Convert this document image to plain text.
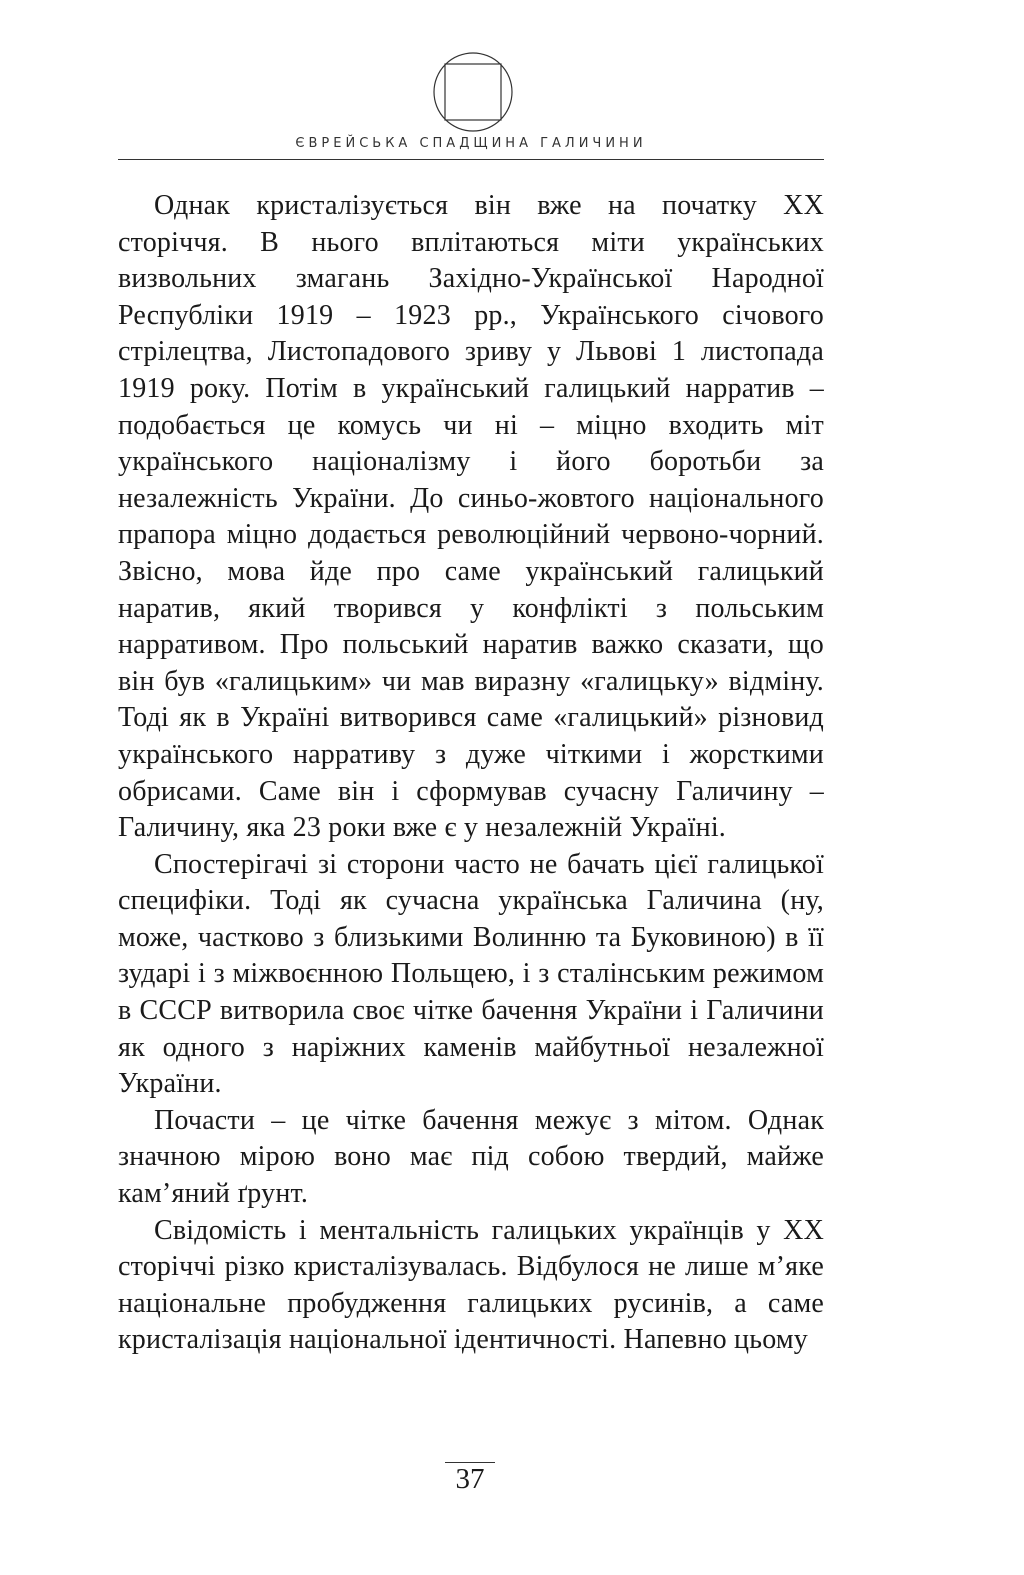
ЄВРЕЙСЬКА СПАДЩИНА ГАЛИЧИНИ

Однак кристалізується він вже на початку ХХ сторіччя. В нього вплітаються міти українських визвольних змагань Західно-Української Народної Республіки 1919 – 1923 рр., Українського січового стрілецтва, Листопадового зриву у Львові 1 листопада 1919 року. Потім в український галицький нарратив – подобається це комусь чи ні – міцно входить міт українського націоналізму і його боротьби за незалежність України. До синьо-жовтого національного прапора міцно додається революційний червоно-чорний. Звісно, мова йде про саме український галицький наратив, який творився у конфлікті з польським нарративом. Про польський наратив важко сказати, що він був «галицьким» чи мав виразну «галицьку» відміну. Тоді як в Україні витворився саме «галицький» різновид українського нарративу з дуже чіткими і жорсткими обрисами. Саме він і сформував сучасну Галичину – Галичину, яка 23 роки вже є у незалежній Україні.

Спостерігачі зі сторони часто не бачать цієї галицької специфіки. Тоді як сучасна українська Галичина (ну, може, частково з близькими Волинню та Буковиною) в її зударі і з міжвоєнною Польщею, і з сталінським режимом в СССР витворила своє чітке бачення України і Галичини як одного з наріжних каменів майбутньої незалежної України.

Почасти – це чітке бачення межує з мітом. Однак значною мірою воно має під собою твердий, майже кам’яний ґрунт.

Свідомість і ментальність галицьких українців у ХХ сторіччі різко кристалізувалась. Відбулося не лише м’яке національне пробудження галицьких русинів, а саме кристалізація національної ідентичності. Напевно цьому

37
